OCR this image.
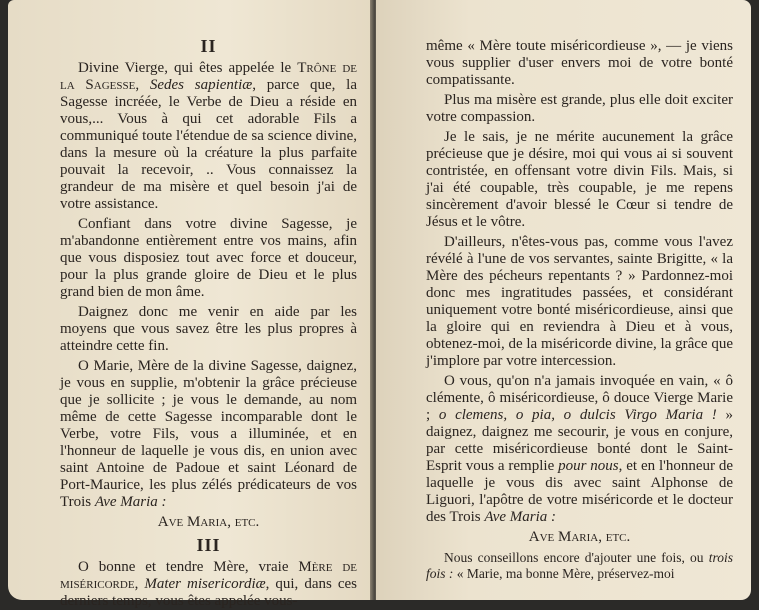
II

Divine Vierge, qui êtes appelée le Trône de la Sagesse, Sedes sapientiæ, parce que, la Sagesse incréée, le Verbe de Dieu a réside en vous,... Vous à qui cet adorable Fils a communiqué toute l'étendue de sa science divine, dans la mesure où la créature la plus parfaite pouvait la recevoir, .. Vous connaissez la grandeur de ma misère et quel besoin j'ai de votre assistance.

Confiant dans votre divine Sagesse, je m'abandonne entièrement entre vos mains, afin que vous disposiez tout avec force et douceur, pour la plus grande gloire de Dieu et le plus grand bien de mon âme.

Daignez donc me venir en aide par les moyens que vous savez être les plus propres à atteindre cette fin.

O Marie, Mère de la divine Sagesse, daignez, je vous en supplie, m'obtenir la grâce précieuse que je sollicite ; je vous le demande, au nom même de cette Sagesse incomparable dont le Verbe, votre Fils, vous a illuminée, et en l'honneur de laquelle je vous dis, en union avec saint Antoine de Padoue et saint Léonard de Port-Maurice, les plus zélés prédicateurs de vos Trois Ave Maria :

Ave Maria, etc.

III

O bonne et tendre Mère, vraie Mère de miséricorde, Mater misericordiæ, qui, dans ces derniers temps, vous êtes appelée vous-

même « Mère toute miséricordieuse », — je viens vous supplier d'user envers moi de votre bonté compatissante.

Plus ma misère est grande, plus elle doit exciter votre compassion.

Je le sais, je ne mérite aucunement la grâce précieuse que je désire, moi qui vous ai si souvent contristée, en offensant votre divin Fils. Mais, si j'ai été coupable, très coupable, je me repens sincèrement d'avoir blessé le Cœur si tendre de Jésus et le vôtre.

D'ailleurs, n'êtes-vous pas, comme vous l'avez révélé à l'une de vos servantes, sainte Brigitte, « la Mère des pécheurs repentants ? » Pardonnez-moi donc mes ingratitudes passées, et considérant uniquement votre bonté miséricordieuse, ainsi que la gloire qui en reviendra à Dieu et à vous, obtenez-moi, de la miséricorde divine, la grâce que j'implore par votre intercession.

O vous, qu'on n'a jamais invoquée en vain, « ô clémente, ô miséricordieuse, ô douce Vierge Marie ; o clemens, o pia, o dulcis Virgo Maria ! » daignez, daignez me secourir, je vous en conjure, par cette miséricordieuse bonté dont le Saint-Esprit vous a remplie pour nous, et en l'honneur de laquelle je vous dis avec saint Alphonse de Liguori, l'apôtre de votre miséricorde et le docteur des Trois Ave Maria :

Ave Maria, etc.

Nous conseillons encore d'ajouter une fois, ou trois fois : « Marie, ma bonne Mère, préservez-moi
